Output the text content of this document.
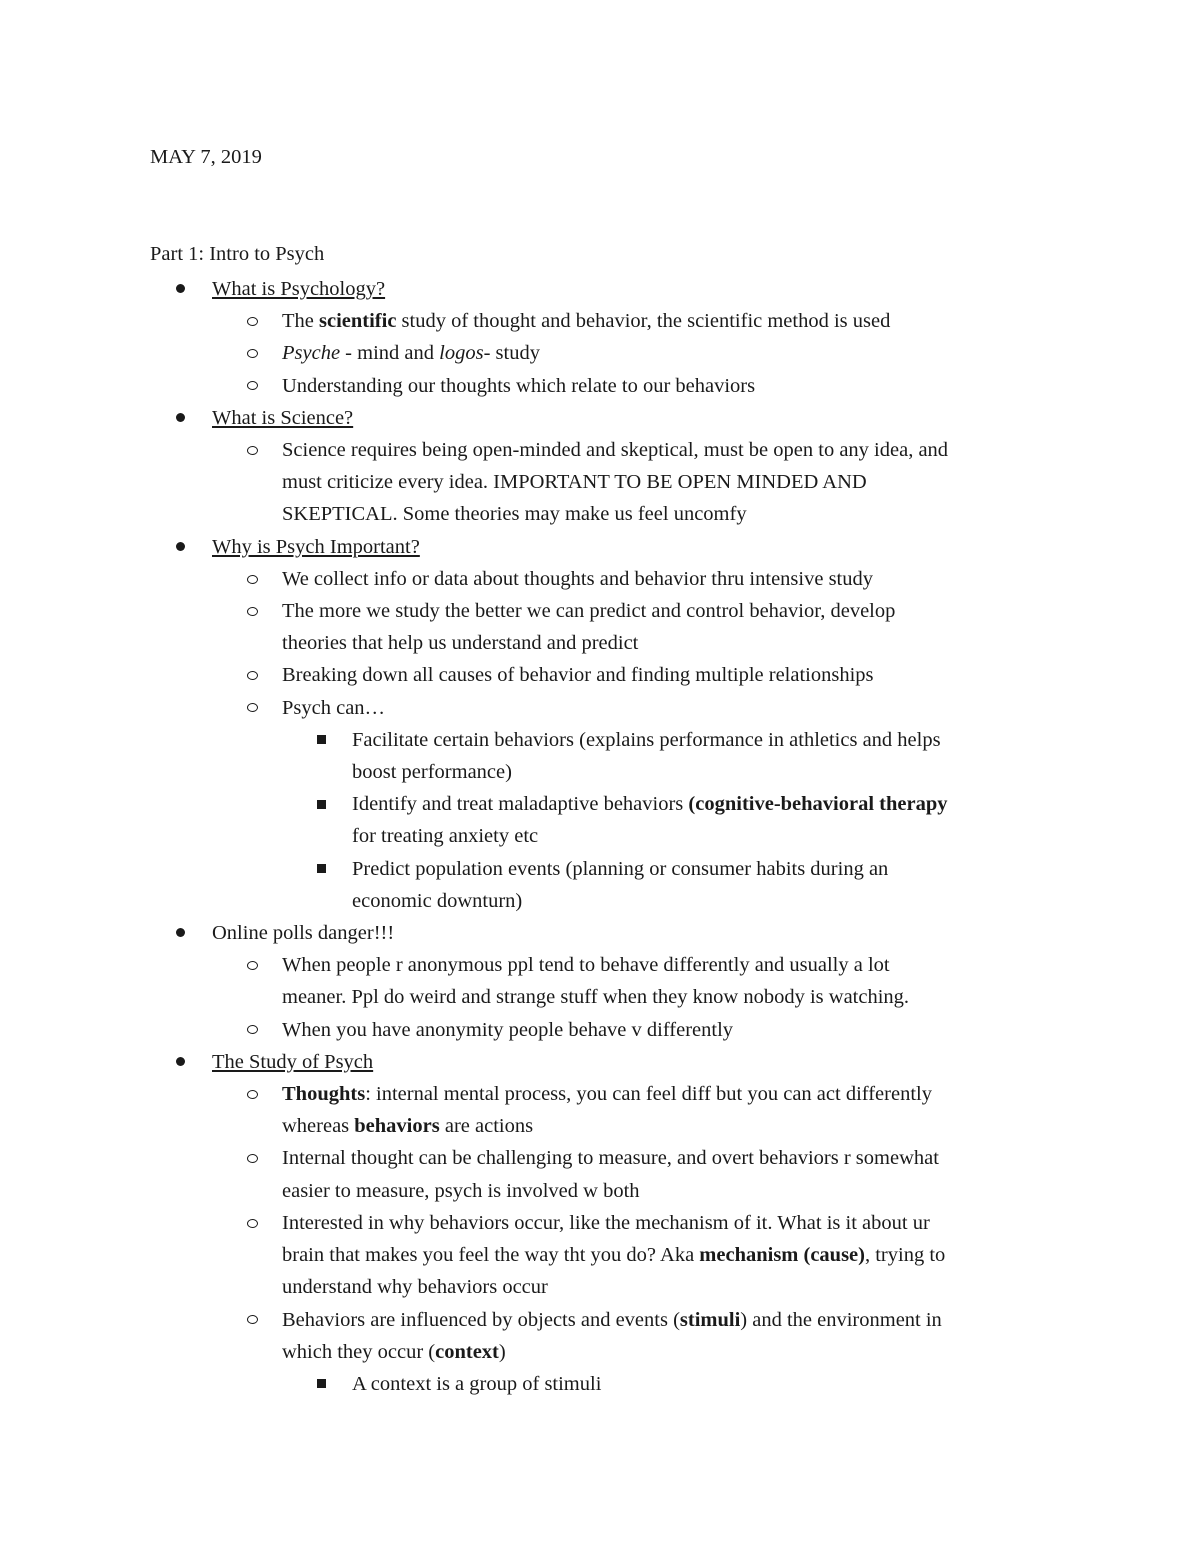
MAY 7, 2019
Part 1: Intro to Psych
What is Psychology?
The scientific study of thought and behavior, the scientific method is used
Psyche - mind and logos- study
Understanding our thoughts which relate to our behaviors
What is Science?
Science requires being open-minded and skeptical, must be open to any idea, and
must criticize every idea. IMPORTANT TO BE OPEN MINDED AND
SKEPTICAL. Some theories may make us feel uncomfy
Why is Psych Important?
We collect info or data about thoughts and behavior thru intensive study
The more we study the better we can predict and control behavior, develop
theories that help us understand and predict
Breaking down all causes of behavior and finding multiple relationships
Psych can…
Facilitate certain behaviors (explains performance in athletics and helps
boost performance)
Identify and treat maladaptive behaviors (cognitive-behavioral therapy
for treating anxiety etc
Predict population events (planning or consumer habits during an
economic downturn)
Online polls danger!!!
When people r anonymous ppl tend to behave differently and usually a lot
meaner. Ppl do weird and strange stuff when they know nobody is watching.
When you have anonymity people behave v differently
The Study of Psych
Thoughts: internal mental process, you can feel diff but you can act differently
whereas behaviors are actions
Internal thought can be challenging to measure, and overt behaviors r somewhat
easier to measure, psych is involved w both
Interested in why behaviors occur, like the mechanism of it. What is it about ur
brain that makes you feel the way tht you do? Aka mechanism (cause), trying to
understand why behaviors occur
Behaviors are influenced by objects and events (stimuli) and the environment in
which they occur (context)
A context is a group of stimuli
